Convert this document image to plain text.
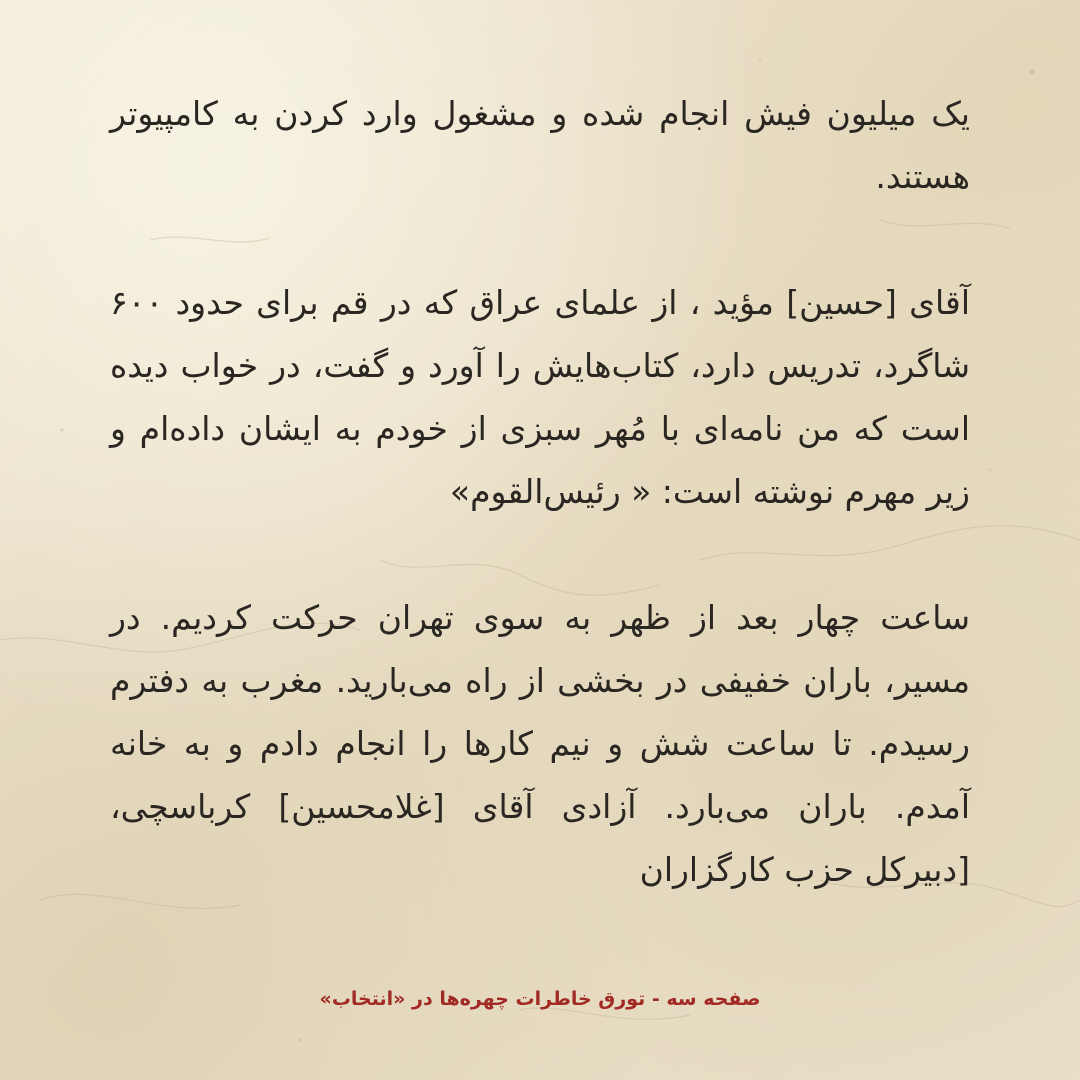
یک میلیون فیش انجام شده و مشغول وارد کردن به کامپیوتر هستند.

آقای [حسین] مؤید ، از علمای عراق که در قم برای حدود ۶۰۰ شاگرد، تدریس دارد، کتاب‌هایش را آورد و گفت، در خواب دیده است که من نامه‌ای با مُهر سبزی از خودم به ایشان داده‌ام و زیر مهرم نوشته است: « رئیس‌القوم»

ساعت چهار بعد از ظهر به سوی تهران حرکت کردیم. در مسیر، باران خفیفی در بخشی از راه می‌بارید. مغرب به دفترم رسیدم. تا ساعت شش و نیم کارها را انجام دادم و به خانه آمدم. باران می‌بارد. آزادی آقای [غلامحسین] کرباسچی، [دبیرکل حزب کارگزاران

صفحه سه - تورق خاطرات چهره‌ها در «انتخاب»
